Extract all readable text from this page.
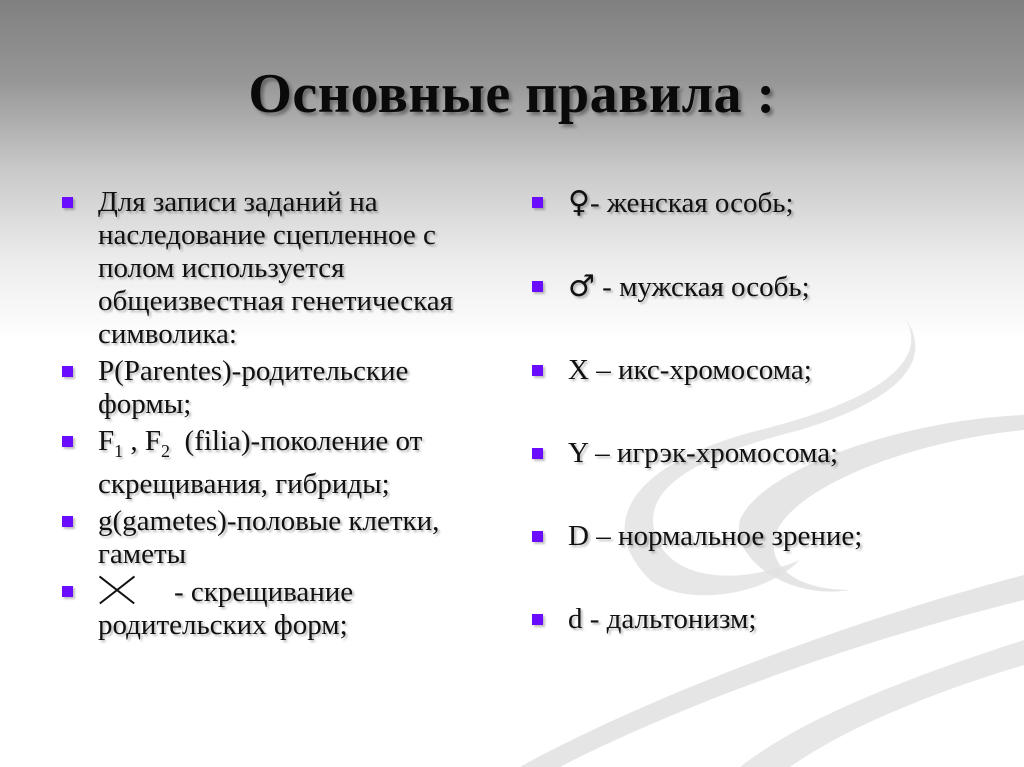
Основные правила :
Для записи заданий на наследование сцепленное с полом используется общеизвестная генетическая символика:
P(Parentes)-родительские формы;
$F_1$ , $F_2$  (filia)-поколение от скрещивания, гибриды;
g(gametes)-половые клетки, гаметы
- скрещивание родительских форм;
♀- женская особь;
♂ - мужская особь;
X – икс-хромосома;
Y – игрэк-хромосома;
D – нормальное зрение;
d - дальтонизм;
